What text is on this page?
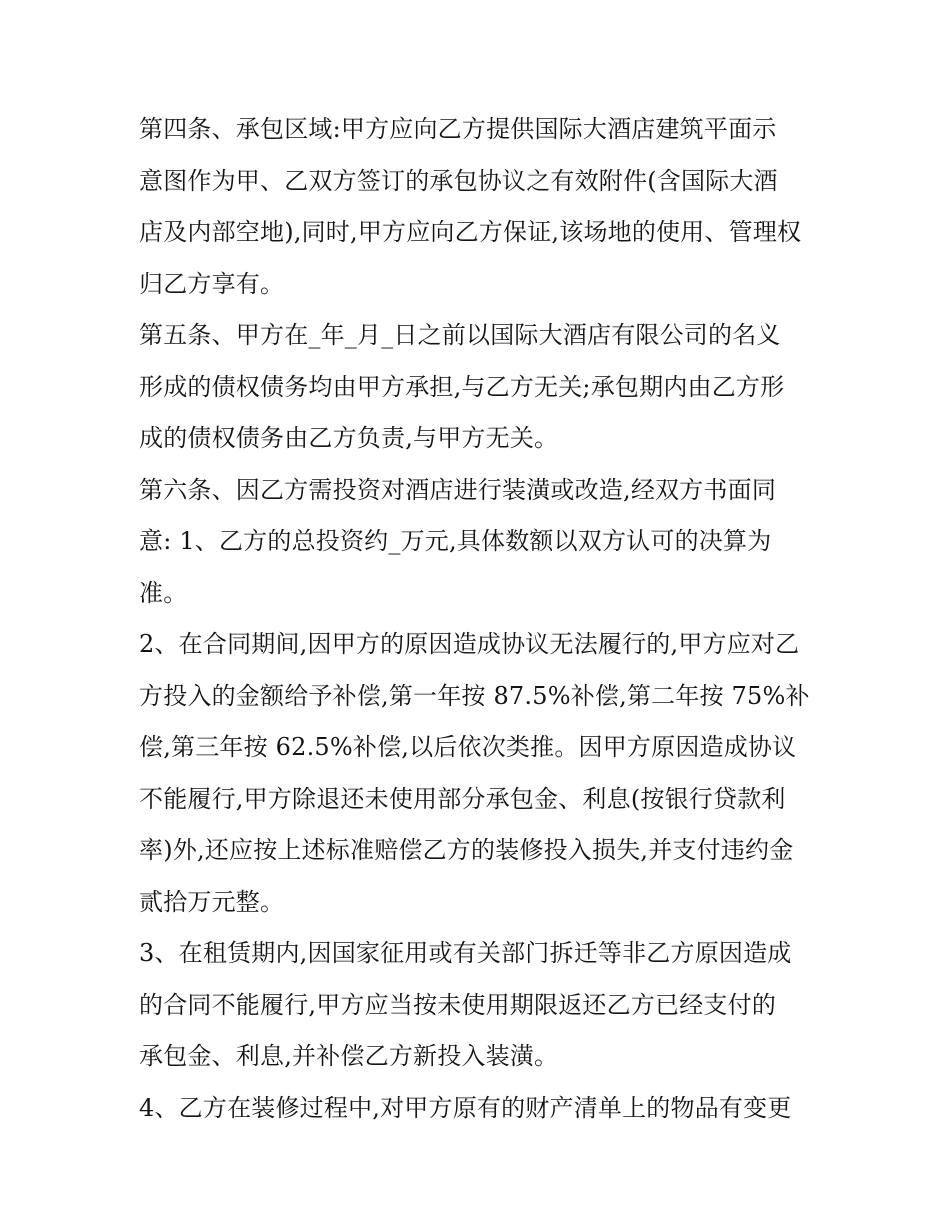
第四条、承包区域:甲方应向乙方提供国际大酒店建筑平面示
意图作为甲、乙双方签订的承包协议之有效附件(含国际大酒
店及内部空地),同时,甲方应向乙方保证,该场地的使用、管理权
归乙方享有。

第五条、甲方在_年_月_日之前以国际大酒店有限公司的名义
形成的债权债务均由甲方承担,与乙方无关;承包期内由乙方形
成的债权债务由乙方负责,与甲方无关。

第六条、因乙方需投资对酒店进行装潢或改造,经双方书面同
意: 1、乙方的总投资约_万元,具体数额以双方认可的决算为
准。

2、在合同期间,因甲方的原因造成协议无法履行的,甲方应对乙
方投入的金额给予补偿,第一年按 87.5%补偿,第二年按 75%补
偿,第三年按 62.5%补偿,以后依次类推。因甲方原因造成协议
不能履行,甲方除退还未使用部分承包金、利息(按银行贷款利
率)外,还应按上述标准赔偿乙方的装修投入损失,并支付违约金
贰拾万元整。

3、在租赁期内,因国家征用或有关部门拆迁等非乙方原因造成
的合同不能履行,甲方应当按未使用期限返还乙方已经支付的
承包金、利息,并补偿乙方新投入装潢。

4、乙方在装修过程中,对甲方原有的财产清单上的物品有变更
